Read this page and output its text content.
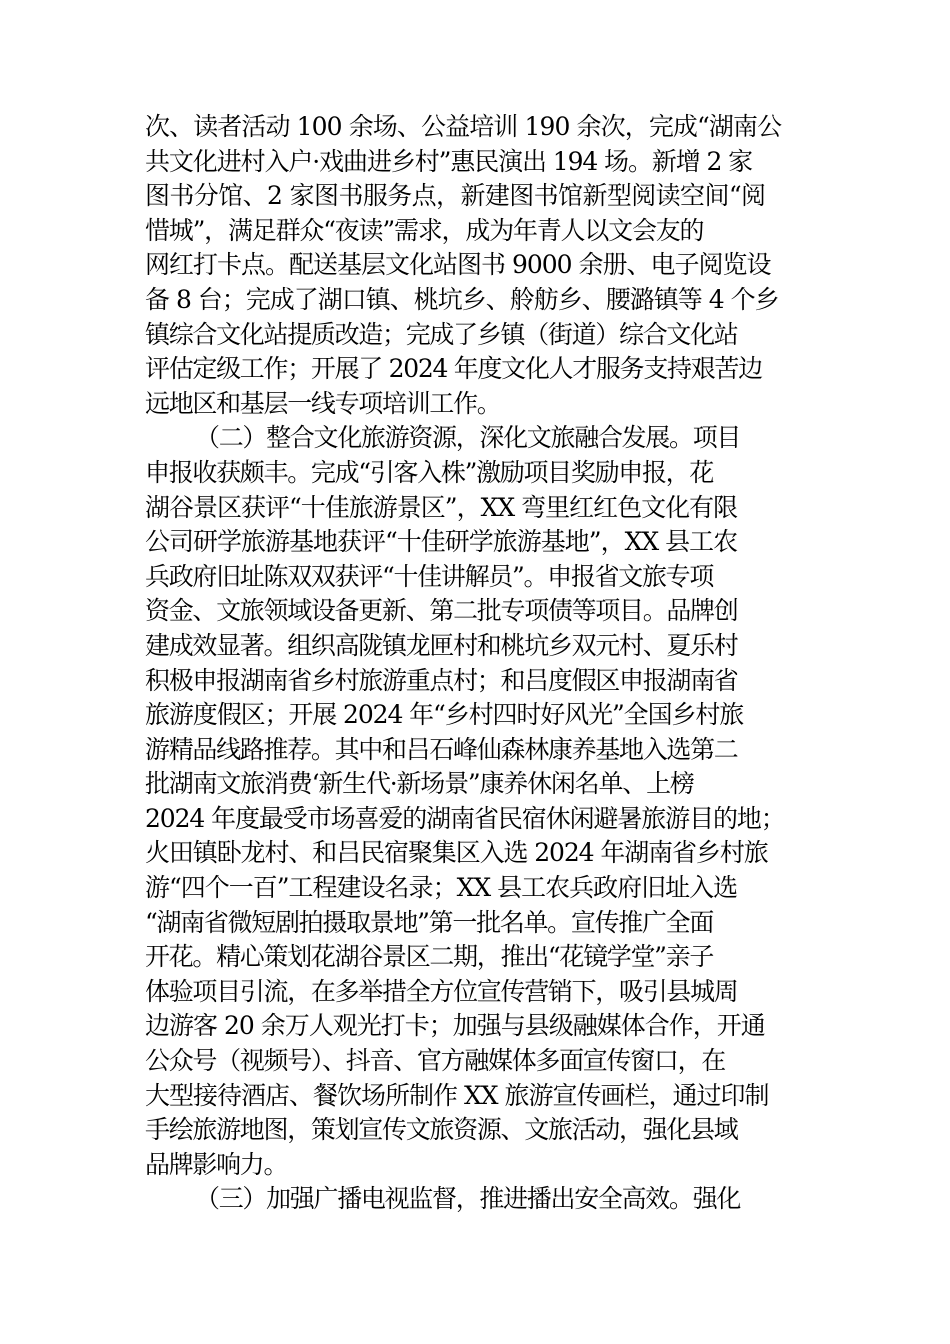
次、读者活动 100 余场、公益培训 190 余次，完成“湖南公
共文化进村入户·戏曲进乡村”惠民演出 194 场。新增 2 家
图书分馆、2 家图书服务点，新建图书馆新型阅读空间“阅
惜城”，满足群众“夜读”需求，成为年青人以文会友的
网红打卡点。配送基层文化站图书 9000 余册、电子阅览设
备 8 台；完成了湖口镇、桃坑乡、舲舫乡、腰潞镇等 4 个乡
镇综合文化站提质改造；完成了乡镇（街道）综合文化站
评估定级工作；开展了 2024 年度文化人才服务支持艰苦边
远地区和基层一线专项培训工作。
（二）整合文化旅游资源，深化文旅融合发展。项目
申报收获颇丰。完成“引客入株”激励项目奖励申报，花
湖谷景区获评“十佳旅游景区”，XX 弯里红红色文化有限
公司研学旅游基地获评“十佳研学旅游基地”，XX 县工农
兵政府旧址陈双双获评“十佳讲解员”。申报省文旅专项
资金、文旅领域设备更新、第二批专项债等项目。品牌创
建成效显著。组织高陇镇龙匣村和桃坑乡双元村、夏乐村
积极申报湖南省乡村旅游重点村；和吕度假区申报湖南省
旅游度假区；开展 2024 年“乡村四时好风光”全国乡村旅
游精品线路推荐。其中和吕石峰仙森林康养基地入选第二
批湖南文旅消费‘新生代·新场景”康养休闲名单、上榜
2024 年度最受市场喜爱的湖南省民宿休闲避暑旅游目的地；
火田镇卧龙村、和吕民宿聚集区入选 2024 年湖南省乡村旅
游“四个一百”工程建设名录；XX 县工农兵政府旧址入选
“湖南省微短剧拍摄取景地”第一批名单。宣传推广全面
开花。精心策划花湖谷景区二期，推出“花镜学堂”亲子
体验项目引流，在多举措全方位宣传营销下，吸引县城周
边游客 20 余万人观光打卡；加强与县级融媒体合作，开通
公众号（视频号）、抖音、官方融媒体多面宣传窗口，在
大型接待酒店、餐饮场所制作 XX 旅游宣传画栏，通过印制
手绘旅游地图，策划宣传文旅资源、文旅活动，强化县域
品牌影响力。
（三）加强广播电视监督，推进播出安全高效。强化
